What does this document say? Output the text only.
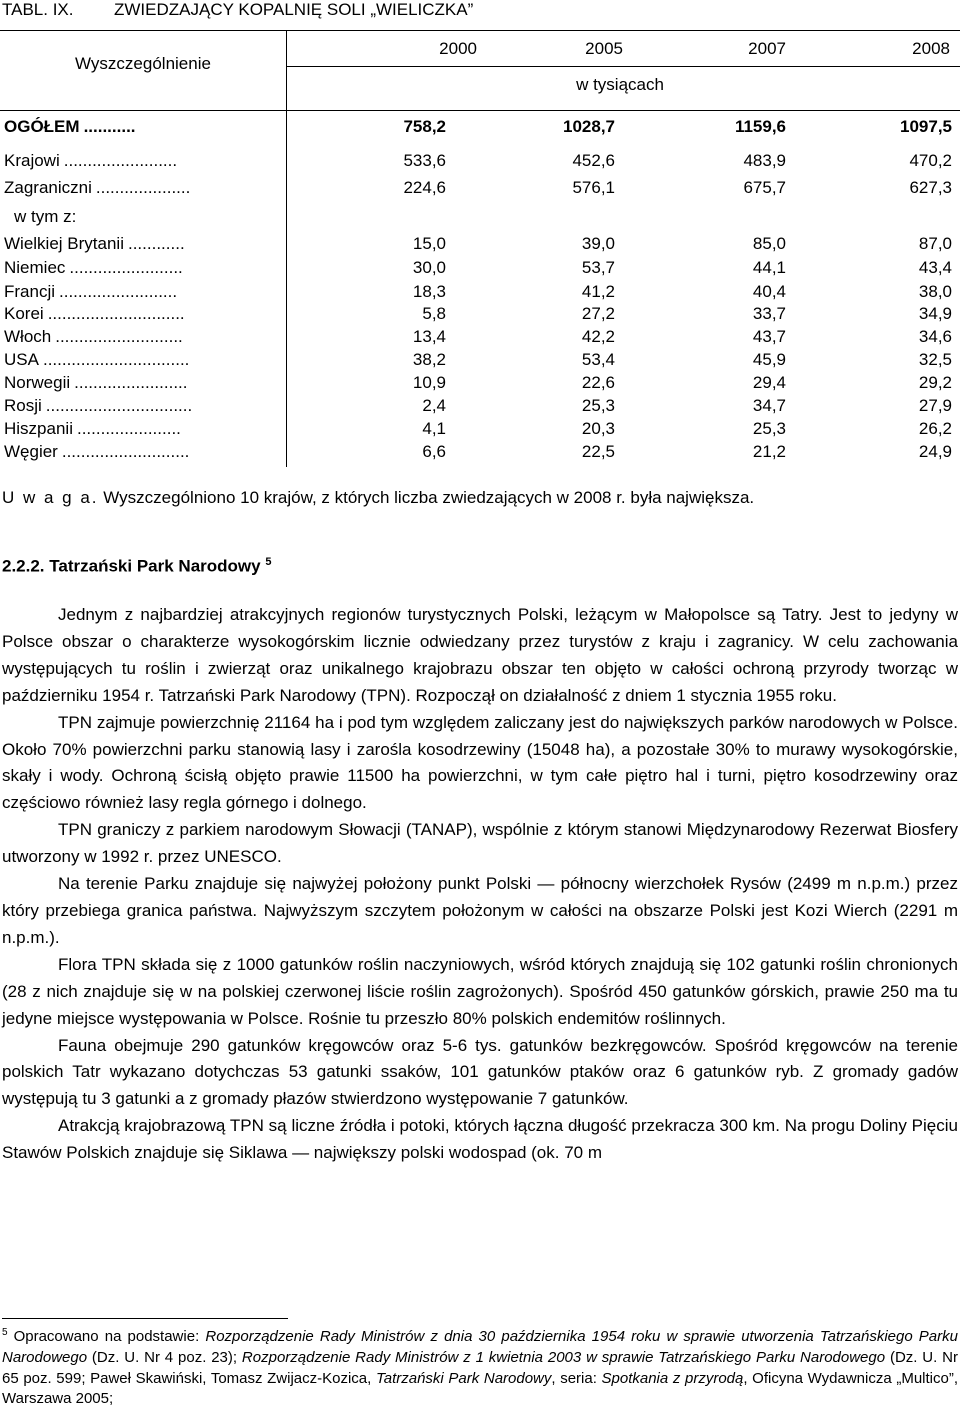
TABL. IX. ZWIEDZAJĄCY KOPALNIĘ SOLI „WIELICZKA”
Wyszczególnienie
2000	2005	2007	2008
w tysiącach
OGÓŁEM ...........	758,2	1028,7	1159,6	1097,5
Krajowi ........................	533,6	452,6	483,9	470,2
Zagraniczni ....................	224,6	576,1	675,7	627,3
w tym z:
Wielkiej Brytanii ............	15,0	39,0	85,0	87,0
Niemiec ........................	30,0	53,7	44,1	43,4
Francji .........................	18,3	41,2	40,4	38,0
Korei .............................	5,8	27,2	33,7	34,9
Włoch ...........................	13,4	42,2	43,7	34,6
USA ...............................	38,2	53,4	45,9	32,5
Norwegii ........................	10,9	22,6	29,4	29,2
Rosji ...............................	2,4	25,3	34,7	27,9
Hiszpanii ......................	4,1	20,3	25,3	26,2
Węgier ...........................	6,6	22,5	21,2	24,9
U w a g a. Wyszczególniono 10 krajów, z których liczba zwiedzających w 2008 r. była największa.
2.2.2. Tatrzański Park Narodowy $^5$

Jednym z najbardziej atrakcyjnych regionów turystycznych Polski, leżącym w Małopolsce są Tatry. Jest to jedyny w Polsce obszar o charakterze wysokogórskim licznie odwiedzany przez turystów z kraju i zagranicy. W celu zachowania występujących tu roślin i zwierząt oraz unikalnego krajobrazu obszar ten objęto w całości ochroną przyrody tworząc w październiku 1954 r. Tatrzański Park Narodowy (TPN). Rozpoczął on działalność z dniem 1 stycznia 1955 roku.

TPN zajmuje powierzchnię 21164 ha i pod tym względem zaliczany jest do największych parków narodowych w Polsce. Około 70% powierzchni parku stanowią lasy i zarośla kosodrzewiny (15048 ha), a pozostałe 30% to murawy wysokogórskie, skały i wody. Ochroną ścisłą objęto prawie 11500 ha powierzchni, w tym całe piętro hal i turni, piętro kosodrzewiny oraz częściowo również lasy regla górnego i dolnego.

TPN graniczy z parkiem narodowym Słowacji (TANAP), wspólnie z którym stanowi Międzynarodowy Rezerwat Biosfery utworzony w 1992 r. przez UNESCO.

Na terenie Parku znajduje się najwyżej położony punkt Polski — północny wierzchołek Rysów (2499 m n.p.m.) przez który przebiega granica państwa. Najwyższym szczytem położonym w całości na obszarze Polski jest Kozi Wierch (2291 m n.p.m.).

Flora TPN składa się z 1000 gatunków roślin naczyniowych, wśród których znajdują się 102 gatunki roślin chronionych (28 z nich znajduje się w na polskiej czerwonej liście roślin zagrożonych). Spośród 450 gatunków górskich, prawie 250 ma tu jedyne miejsce występowania w Polsce. Rośnie tu przeszło 80% polskich endemitów roślinnych.

Fauna obejmuje 290 gatunków kręgowców oraz 5-6 tys. gatunków bezkręgowców. Spośród kręgowców na terenie polskich Tatr wykazano dotychczas 53 gatunki ssaków, 101 gatunków ptaków oraz 6 gatunków ryb. Z gromady gadów występują tu 3 gatunki a z gromady płazów stwierdzono występowanie 7 gatunków.

Atrakcją krajobrazową TPN są liczne źródła i potoki, których łączna długość przekracza 300 km. Na progu Doliny Pięciu Stawów Polskich znajduje się Siklawa — największy polski wodospad (ok. 70 m

$^5$ Opracowano na podstawie: Rozporządzenie Rady Ministrów z dnia 30 października 1954 roku w sprawie utworzenia Tatrzańskiego Parku Narodowego (Dz. U. Nr 4 poz. 23); Rozporządzenie Rady Ministrów z 1 kwietnia 2003 w sprawie Tatrzańskiego Parku Narodowego (Dz. U. Nr 65 poz. 599; Paweł Skawiński, Tomasz Zwijacz-Kozica, Tatrzański Park Narodowy, seria: Spotkania z przyrodą, Oficyna Wydawnicza „Multico”, Warszawa 2005;
